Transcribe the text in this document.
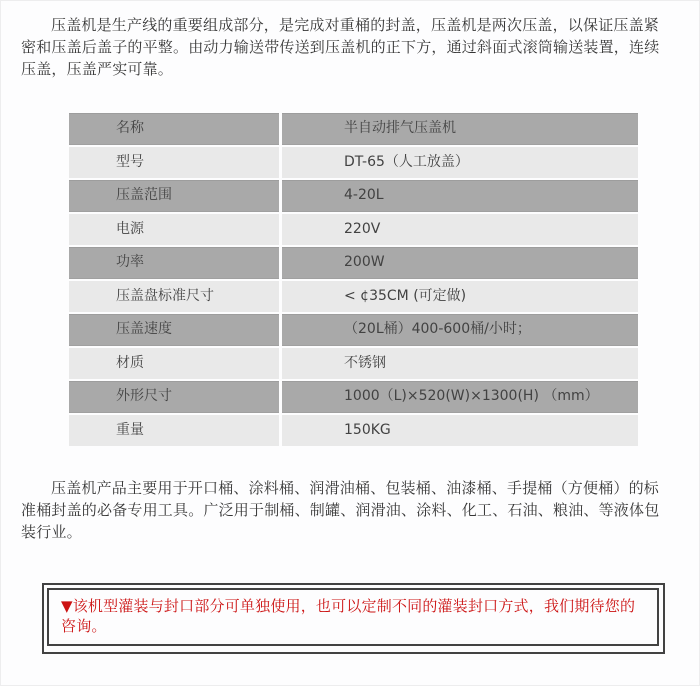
压盖机是生产线的重要组成部分，是完成对重桶的封盖，压盖机是两次压盖，以保证压盖紧密和压盖后盖子的平整。由动力输送带传送到压盖机的正下方，通过斜面式滚筒输送装置，连续压盖，压盖严实可靠。

名称	半自动排气压盖机
型号	DT-65（人工放盖）
压盖范围	4-20L
电源	220V
功率	200W
压盖盘标准尺寸	< ¢35CM (可定做)
压盖速度	（20L桶）400-600桶/小时；
材质	不锈钢
外形尺寸	1000（L)×520(W)×1300(H) （mm）
重量	150KG

压盖机产品主要用于开口桶、涂料桶、润滑油桶、包装桶、油漆桶、手提桶（方便桶）的标准桶封盖的必备专用工具。广泛用于制桶、制罐、润滑油、涂料、化工、石油、粮油、等液体包装行业。

▼该机型灌装与封口部分可单独使用，也可以定制不同的灌装封口方式，我们期待您的咨询。
